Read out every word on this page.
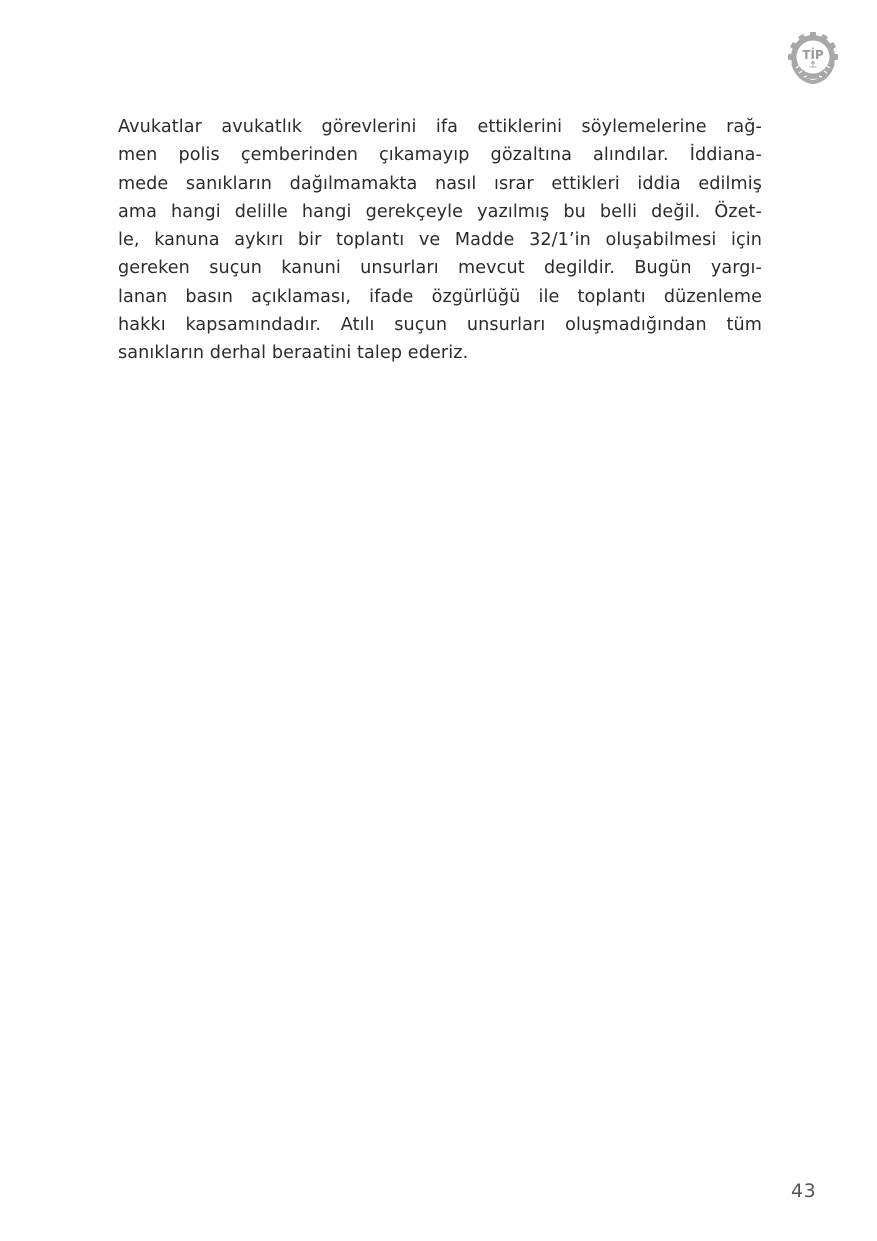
TİP
Avukatlar avukatlık görevlerini ifa ettiklerini söylemelerine rağ-
men polis çemberinden çıkamayıp gözaltına alındılar. İddiana-
mede sanıkların dağılmamakta nasıl ısrar ettikleri iddia edilmiş
ama hangi delille hangi gerekçeyle yazılmış bu belli değil. Özet-
le, kanuna aykırı bir toplantı ve Madde 32/1’in oluşabilmesi için
gereken suçun kanuni unsurları mevcut degildir. Bugün yargı-
lanan basın açıklaması, ifade özgürlüğü ile toplantı düzenleme
hakkı kapsamındadır. Atılı suçun unsurları oluşmadığından tüm
sanıkların derhal beraatini talep ederiz.
43
